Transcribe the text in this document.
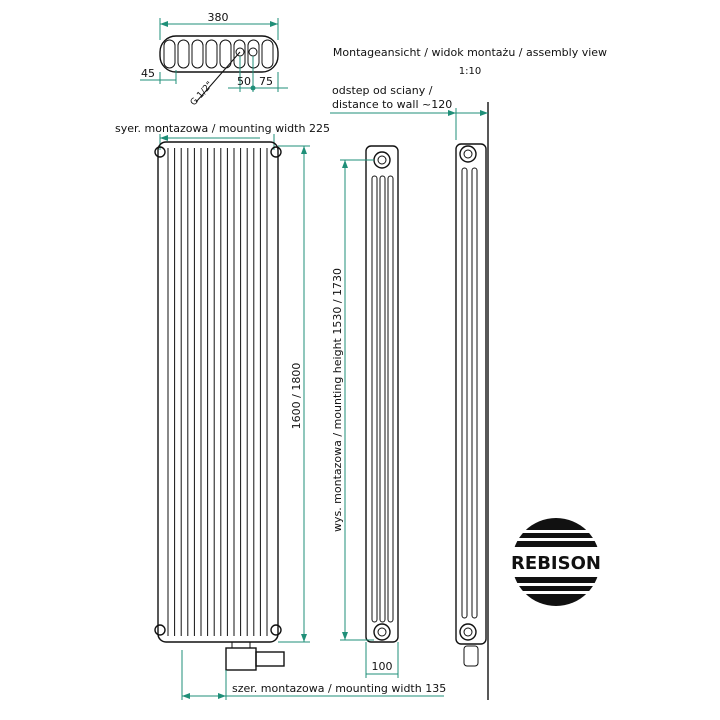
Montageansicht / widok montażu / assembly view
1:10
G 1/2"
380
45
50 75
syer. montazowa / mounting width 225
1600 / 1800
szer. montazowa / mounting width 135
wys. montazowa / mounting height 1530 / 1730
100
odstep od sciany /
distance to wall ~120
REBISON
